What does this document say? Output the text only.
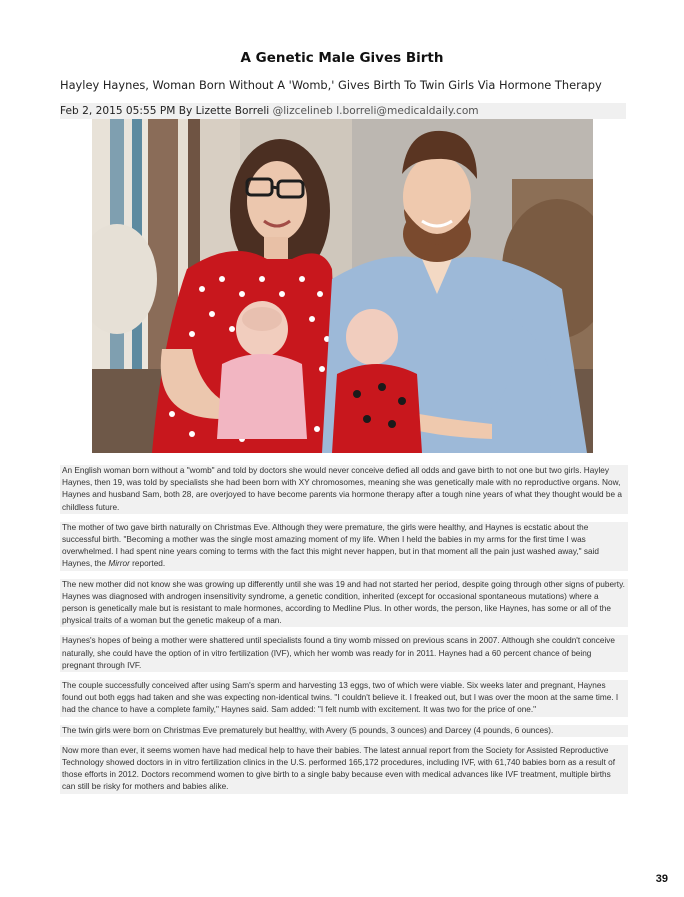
A Genetic Male Gives Birth

Hayley Haynes, Woman Born Without A 'Womb,' Gives Birth To Twin Girls Via Hormone Therapy

Feb 2, 2015 05:55 PM By Lizette Borreli @lizcelineb l.borreli@medicaldaily.com

An English woman born without a "womb" and told by doctors she would never conceive defied all odds and gave birth to not one but two girls. Hayley Haynes, then 19, was told by specialists she had been born with XY chromosomes, meaning she was genetically male with no reproductive organs. Now, Haynes and husband Sam, both 28, are overjoyed to have become parents via hormone therapy after a tough nine years of what they thought would be a childless future.

The mother of two gave birth naturally on Christmas Eve. Although they were premature, the girls were healthy, and Haynes is ecstatic about the successful birth. "Becoming a mother was the single most amazing moment of my life. When I held the babies in my arms for the first time I was overwhelmed. I had spent nine years coming to terms with the fact this might never happen, but in that moment all the pain just washed away," said Haynes, the Mirror reported.

The new mother did not know she was growing up differently until she was 19 and had not started her period, despite going through other signs of puberty. Haynes was diagnosed with androgen insensitivity syndrome, a genetic condition, inherited (except for occasional spontaneous mutations) where a person is genetically male but is resistant to male hormones, according to Medline Plus. In other words, the person, like Haynes, has some or all of the physical traits of a woman but the genetic makeup of a man.

Haynes's hopes of being a mother were shattered until specialists found a tiny womb missed on previous scans in 2007. Although she couldn't conceive naturally, she could have the option of in vitro fertilization (IVF), which her womb was ready for in 2011. Haynes had a 60 percent chance of being pregnant through IVF.

The couple successfully conceived after using Sam's sperm and harvesting 13 eggs, two of which were viable. Six weeks later and pregnant, Haynes found out both eggs had taken and she was expecting non-identical twins. "I couldn't believe it. I freaked out, but I was over the moon at the same time. I had the chance to have a complete family," Haynes said. Sam added: "I felt numb with excitement. It was two for the price of one."

The twin girls were born on Christmas Eve prematurely but healthy, with Avery (5 pounds, 3 ounces) and Darcey (4 pounds, 6 ounces).

Now more than ever, it seems women have had medical help to have their babies. The latest annual report from the Society for Assisted Reproductive Technology showed doctors in in vitro fertilization clinics in the U.S. performed 165,172 procedures, including IVF, with 61,740 babies born as a result of those efforts in 2012. Doctors recommend women to give birth to a single baby because even with medical advances like IVF treatment, multiple births can still be risky for mothers and babies alike.

39
